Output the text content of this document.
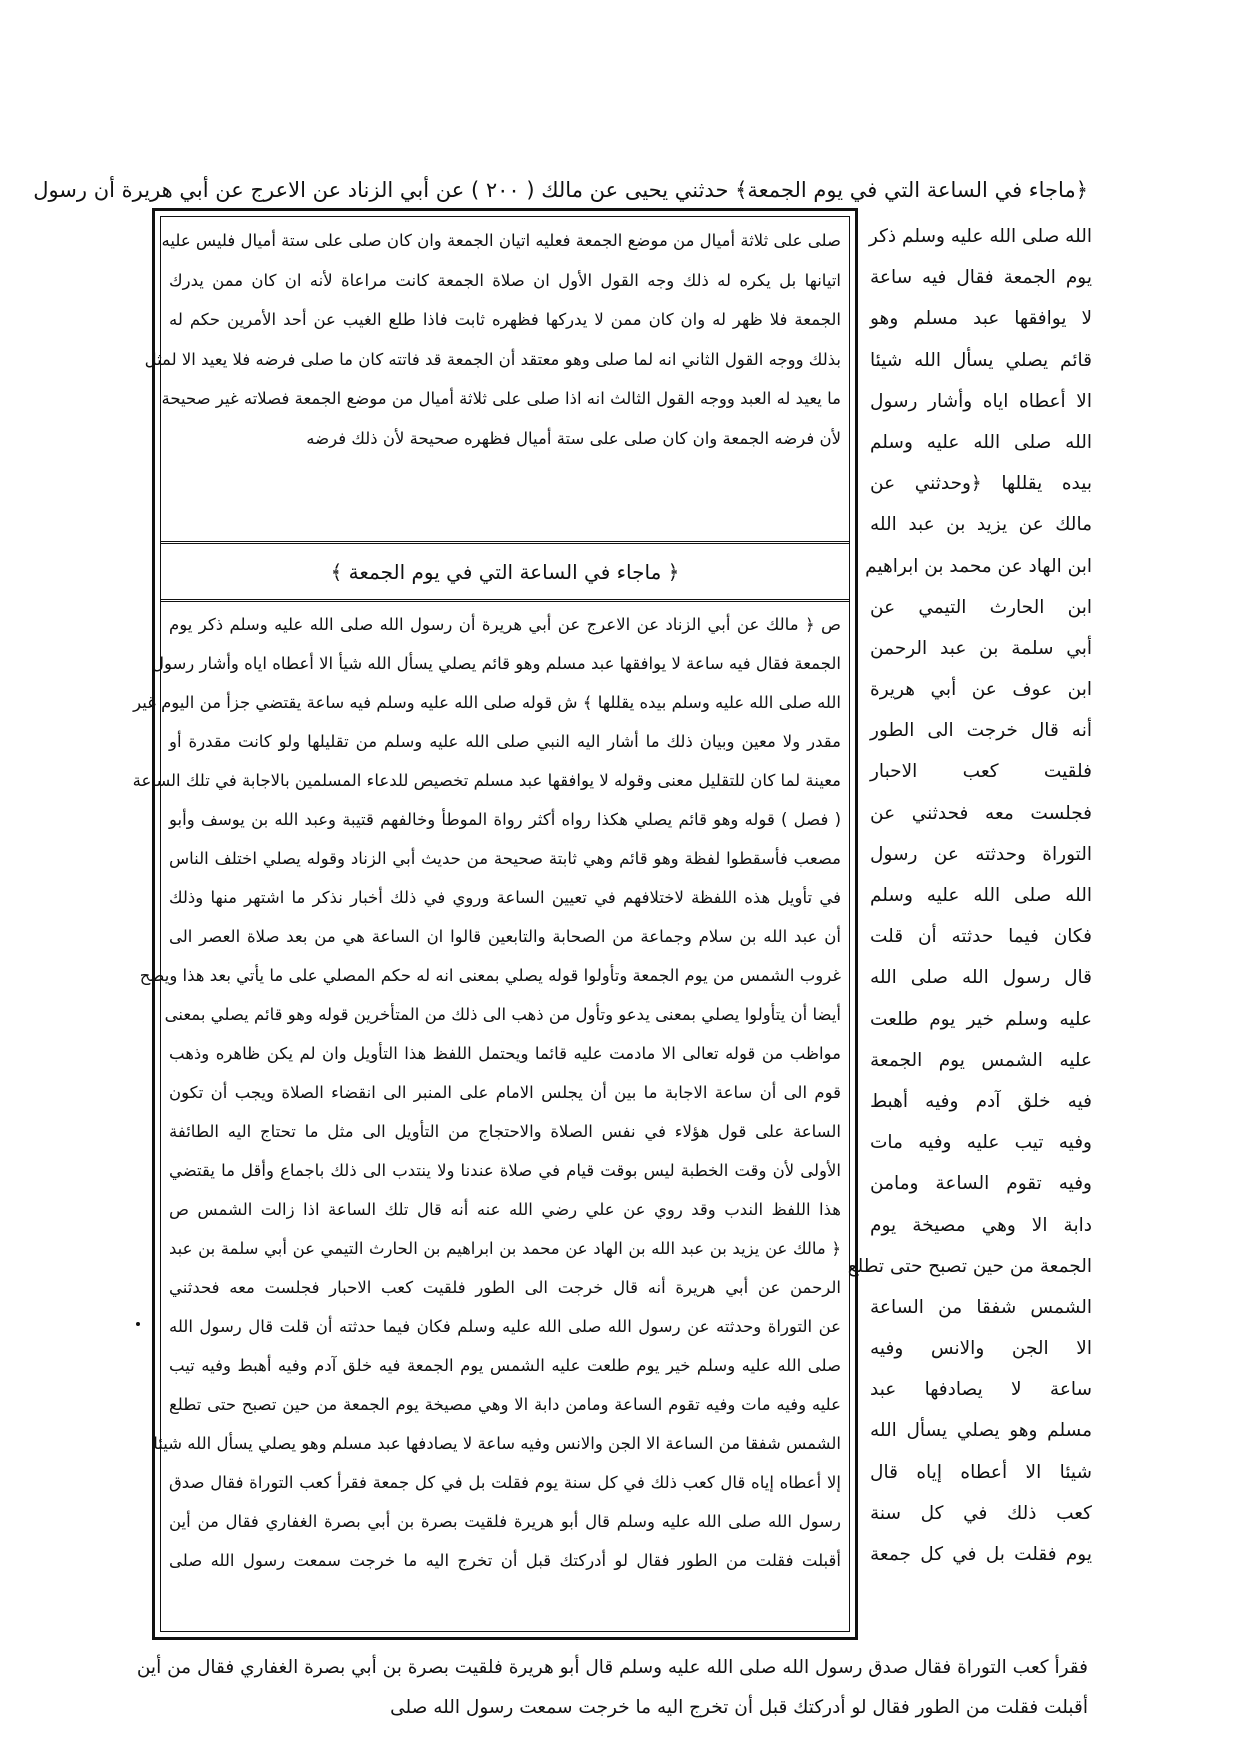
﴿ماجاء في الساعة التي في يوم الجمعة﴾ حدثني يحيى عن مالك ( ٢٠٠ ) عن أبي الزناد عن الاعرج عن أبي هريرة أن رسول
الله صلى الله عليه وسلم ذكر
يوم الجمعة فقال فيه ساعة
لا يوافقها عبد مسلم وهو
قائم يصلي يسأل الله شيئا
الا أعطاه اياه وأشار رسول
الله صلى الله عليه وسلم
بيده يقللها ﴿وحدثني عن
مالك عن يزيد بن عبد الله
ابن الهاد عن محمد بن ابراهيم
ابن الحارث التيمي عن
أبي سلمة بن عبد الرحمن
ابن عوف عن أبي هريرة
أنه قال خرجت الى الطور
فلقيت كعب الاحبار
فجلست معه فحدثني عن
التوراة وحدثته عن رسول
الله صلى الله عليه وسلم
فكان فيما حدثته أن قلت
قال رسول الله صلى الله
عليه وسلم خير يوم طلعت
عليه الشمس يوم الجمعة
فيه خلق آدم وفيه أهبط
وفيه تيب عليه وفيه مات
وفيه تقوم الساعة ومامن
دابة الا وهي مصيخة يوم
الجمعة من حين تصبح حتى تطلع
الشمس شفقا من الساعة
الا الجن والانس وفيه
ساعة لا يصادفها عبد
مسلم وهو يصلي يسأل الله
شيئا الا أعطاه إياه قال
كعب ذلك في كل سنة
يوم فقلت بل في كل جمعة
صلى على ثلاثة أميال من موضع الجمعة فعليه اتيان الجمعة وان كان صلى على ستة أميال فليس عليه
اتيانها بل يكره له ذلك وجه القول الأول ان صلاة الجمعة كانت مراعاة لأنه ان كان ممن يدرك
الجمعة فلا ظهر له وان كان ممن لا يدركها فظهره ثابت فاذا طلع الغيب عن أحد الأمرين حكم له
بذلك ووجه القول الثاني انه لما صلى وهو معتقد أن الجمعة قد فاتته كان ما صلى فرضه فلا يعيد الا لمثل
ما يعيد له العبد ووجه القول الثالث انه اذا صلى على ثلاثة أميال من موضع الجمعة فصلاته غير صحيحة
لأن فرضه الجمعة وان كان صلى على ستة أميال فظهره صحيحة لأن ذلك فرضه
﴿ ماجاء في الساعة التي في يوم الجمعة ﴾
ص ﴿ مالك عن أبي الزناد عن الاعرج عن أبي هريرة أن رسول الله صلى الله عليه وسلم ذكر يوم
الجمعة فقال فيه ساعة لا يوافقها عبد مسلم وهو قائم يصلي يسأل الله شيأ الا أعطاه اياه وأشار رسول
الله صلى الله عليه وسلم بيده يقللها ﴾ ش قوله صلى الله عليه وسلم فيه ساعة يقتضي جزأ من اليوم غير
مقدر ولا معين وبيان ذلك ما أشار اليه النبي صلى الله عليه وسلم من تقليلها ولو كانت مقدرة أو
معينة لما كان للتقليل معنى وقوله لا يوافقها عبد مسلم تخصيص للدعاء المسلمين بالاجابة في تلك الساعة
( فصل ) قوله وهو قائم يصلي هكذا رواه أكثر رواة الموطأ وخالفهم قتيبة وعبد الله بن يوسف وأبو
مصعب فأسقطوا لفظة وهو قائم وهي ثابتة صحيحة من حديث أبي الزناد وقوله يصلي اختلف الناس
في تأويل هذه اللفظة لاختلافهم في تعيين الساعة وروي في ذلك أخبار نذكر ما اشتهر منها وذلك
أن عبد الله بن سلام وجماعة من الصحابة والتابعين قالوا ان الساعة هي من بعد صلاة العصر الى
غروب الشمس من يوم الجمعة وتأولوا قوله يصلي بمعنى انه له حكم المصلي على ما يأتي بعد هذا ويصح
أيضا أن يتأولوا يصلي بمعنى يدعو وتأول من ذهب الى ذلك من المتأخرين قوله وهو قائم يصلي بمعنى
مواظب من قوله تعالى الا مادمت عليه قائما ويحتمل اللفظ هذا التأويل وان لم يكن ظاهره وذهب
قوم الى أن ساعة الاجابة ما بين أن يجلس الامام على المنبر الى انقضاء الصلاة ويجب أن تكون
الساعة على قول هؤلاء في نفس الصلاة والاحتجاج من التأويل الى مثل ما تحتاج اليه الطائفة
الأولى لأن وقت الخطبة ليس بوقت قيام في صلاة عندنا ولا ينتدب الى ذلك باجماع وأقل ما يقتضي
هذا اللفظ الندب وقد روي عن علي رضي الله عنه أنه قال تلك الساعة اذا زالت الشمس ص
﴿ مالك عن يزيد بن عبد الله بن الهاد عن محمد بن ابراهيم بن الحارث التيمي عن أبي سلمة بن عبد
الرحمن عن أبي هريرة أنه قال خرجت الى الطور فلقيت كعب الاحبار فجلست معه فحدثني
عن التوراة وحدثته عن رسول الله صلى الله عليه وسلم فكان فيما حدثته أن قلت قال رسول الله
صلى الله عليه وسلم خير يوم طلعت عليه الشمس يوم الجمعة فيه خلق آدم وفيه أهبط وفيه تيب
عليه وفيه مات وفيه تقوم الساعة ومامن دابة الا وهي مصيخة يوم الجمعة من حين تصبح حتى تطلع
الشمس شفقا من الساعة الا الجن والانس وفيه ساعة لا يصادفها عبد مسلم وهو يصلي يسأل الله شيئا
إلا أعطاه إياه قال كعب ذلك في كل سنة يوم فقلت بل في كل جمعة فقرأ كعب التوراة فقال صدق
رسول الله صلى الله عليه وسلم قال أبو هريرة فلقيت بصرة بن أبي بصرة الغفاري فقال من أين
أقبلت فقلت من الطور فقال لو أدركتك قبل أن تخرج اليه ما خرجت سمعت رسول الله صلى
فقرأ كعب التوراة فقال صدق رسول الله صلى الله عليه وسلم قال أبو هريرة فلقيت بصرة بن أبي بصرة الغفاري فقال من أين
أقبلت فقلت من الطور فقال لو أدركتك قبل أن تخرج اليه ما خرجت سمعت رسول الله صلى
